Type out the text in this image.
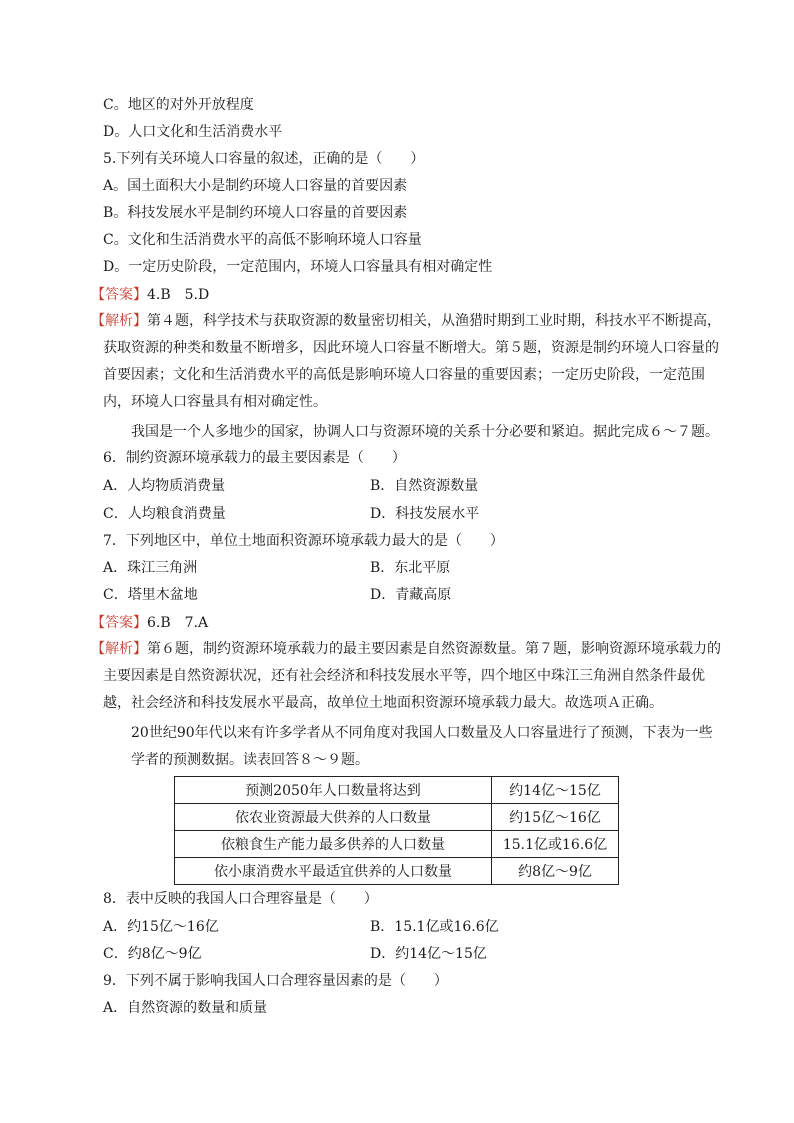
C。地区的对外开放程度
D。人口文化和生活消费水平
5.下列有关环境人口容量的叙述，正确的是（　　）
A。国土面积大小是制约环境人口容量的首要因素
B。科技发展水平是制约环境人口容量的首要因素
C。文化和生活消费水平的高低不影响环境人口容量
D。一定历史阶段，一定范围内，环境人口容量具有相对确定性
【答案】4.B　5.D
【解析】第４题，科学技术与获取资源的数量密切相关，从渔猎时期到工业时期，科技水平不断提高，获取资源的种类和数量不断增多，因此环境人口容量不断增大。第５题，资源是制约环境人口容量的首要因素；文化和生活消费水平的高低是影响环境人口容量的重要因素；一定历史阶段，一定范围内，环境人口容量具有相对确定性。
我国是一个人多地少的国家，协调人口与资源环境的关系十分必要和紧迫。据此完成６～７题。
6．制约资源环境承载力的最主要因素是（　　）
A．人均物质消费量	B．自然资源数量
C．人均粮食消费量	D．科技发展水平
7．下列地区中，单位土地面积资源环境承载力最大的是（　　）
A．珠江三角洲	B．东北平原
C．塔里木盆地	D．青藏高原
【答案】6.B　7.A
【解析】第６题，制约资源环境承载力的最主要因素是自然资源数量。第７题，影响资源环境承载力的主要因素是自然资源状况，还有社会经济和科技发展水平等，四个地区中珠江三角洲自然条件最优越，社会经济和科技发展水平最高，故单位土地面积资源环境承载力最大。故选项Ａ正确。
20世纪90年代以来有许多学者从不同角度对我国人口数量及人口容量进行了预测，下表为一些学者的预测数据。读表回答８～９题。
预测2050年人口数量将达到	约14亿～15亿
依农业资源最大供养的人口数量	约15亿～16亿
依粮食生产能力最多供养的人口数量	15.1亿或16.6亿
依小康消费水平最适宜供养的人口数量	约8亿～9亿
8．表中反映的我国人口合理容量是（　　）
A．约15亿～16亿	B．15.1亿或16.6亿
C．约8亿～9亿	D．约14亿～15亿
9．下列不属于影响我国人口合理容量因素的是（　　）
A．自然资源的数量和质量
